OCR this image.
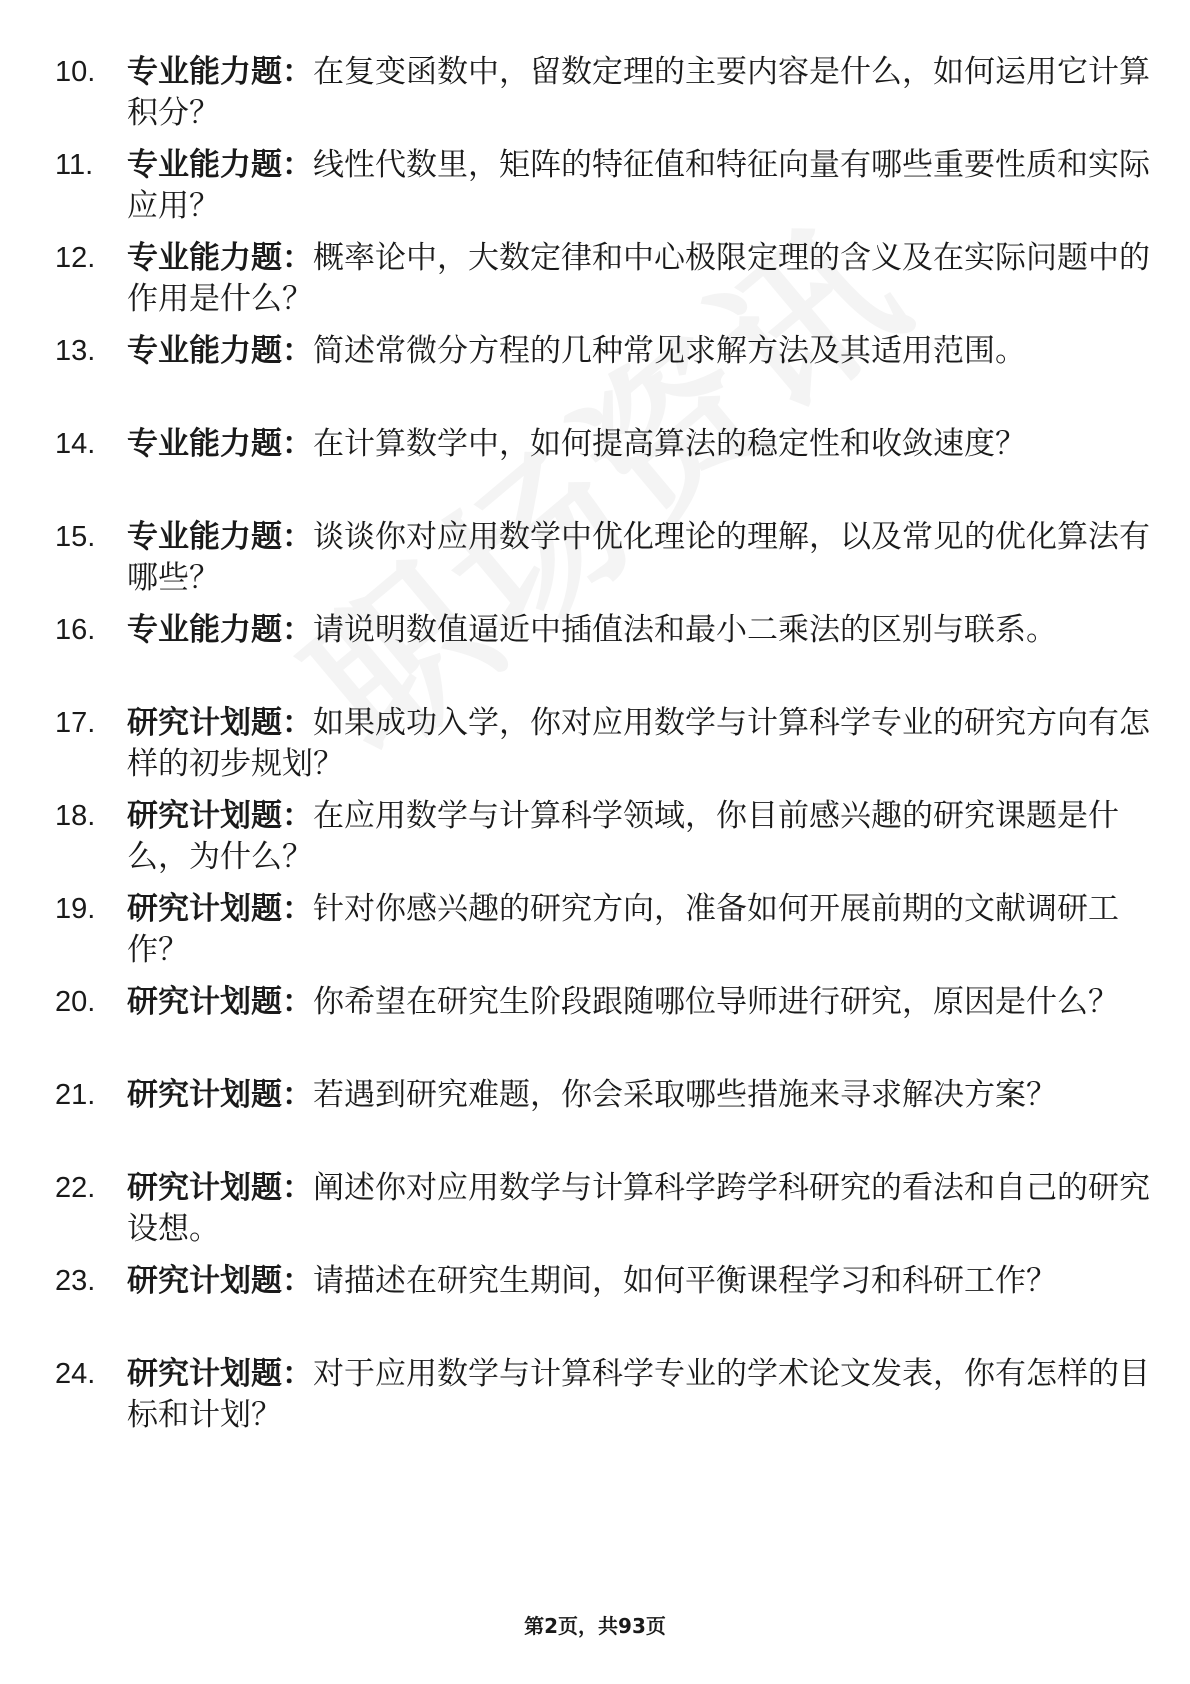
10.	专业能力题：在复变函数中，留数定理的主要内容是什么，如何运用它计算积分？
11.	专业能力题：线性代数里，矩阵的特征值和特征向量有哪些重要性质和实际应用？
12.	专业能力题：概率论中，大数定律和中心极限定理的含义及在实际问题中的作用是什么？
13.	专业能力题：简述常微分方程的几种常见求解方法及其适用范围。
14.	专业能力题：在计算数学中，如何提高算法的稳定性和收敛速度？
15.	专业能力题：谈谈你对应用数学中优化理论的理解，以及常见的优化算法有哪些？
16.	专业能力题：请说明数值逼近中插值法和最小二乘法的区别与联系。
17.	研究计划题：如果成功入学，你对应用数学与计算科学专业的研究方向有怎样的初步规划？
18.	研究计划题：在应用数学与计算科学领域，你目前感兴趣的研究课题是什么，为什么？
19.	研究计划题：针对你感兴趣的研究方向，准备如何开展前期的文献调研工作？
20.	研究计划题：你希望在研究生阶段跟随哪位导师进行研究，原因是什么？
21.	研究计划题：若遇到研究难题，你会采取哪些措施来寻求解决方案？
22.	研究计划题：阐述你对应用数学与计算科学跨学科研究的看法和自己的研究设想。
23.	研究计划题：请描述在研究生期间，如何平衡课程学习和科研工作？
24.	研究计划题：对于应用数学与计算科学专业的学术论文发表，你有怎样的目标和计划？
第2页，共93页
